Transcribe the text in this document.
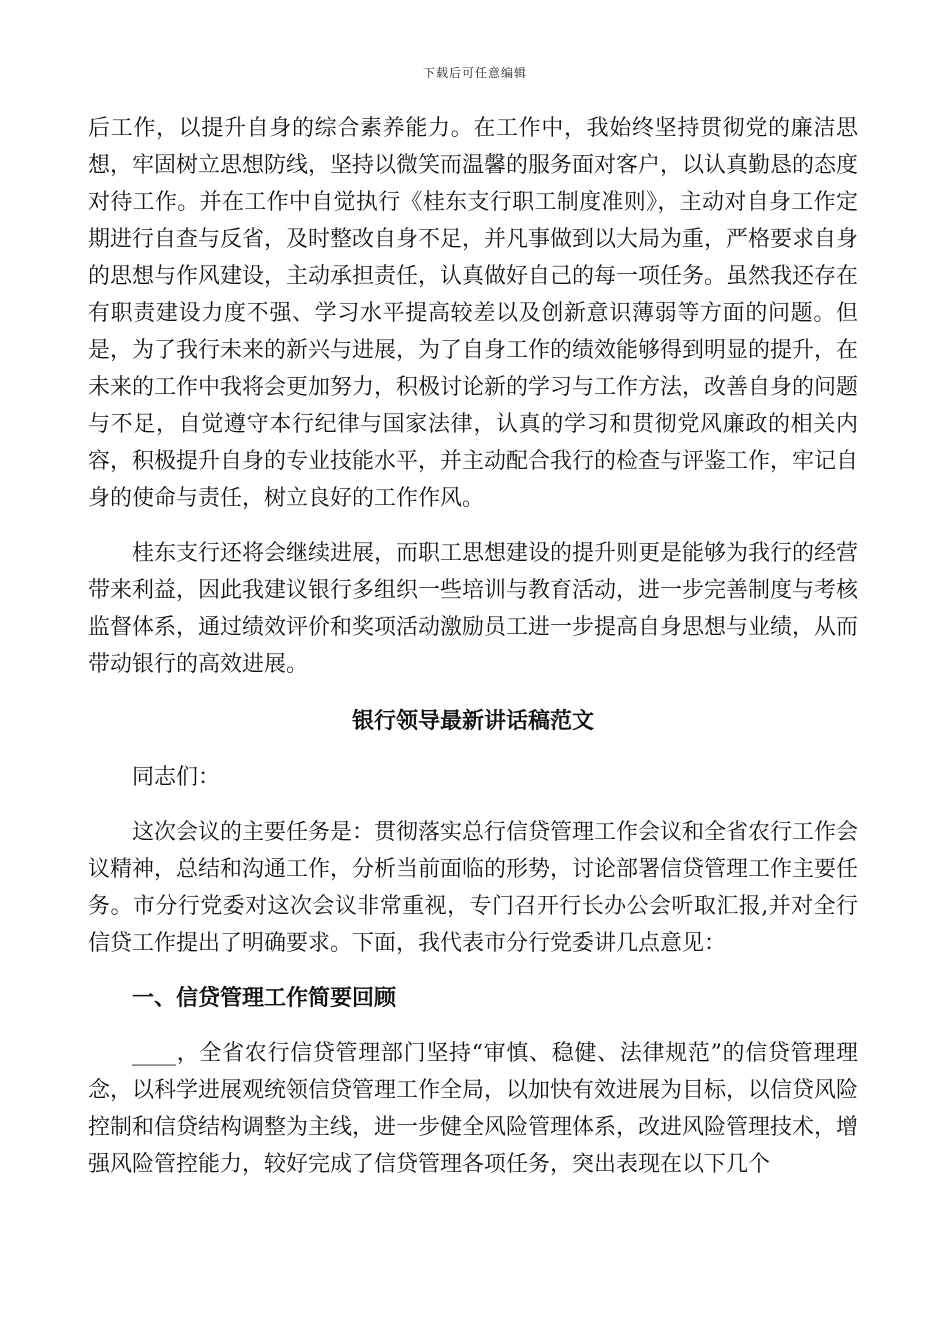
下载后可任意编辑

后工作，以提升自身的综合素养能力。在工作中，我始终坚持贯彻党的廉洁思想，牢固树立思想防线，坚持以微笑而温馨的服务面对客户，以认真勤恳的态度对待工作。并在工作中自觉执行《桂东支行职工制度准则》，主动对自身工作定期进行自查与反省，及时整改自身不足，并凡事做到以大局为重，严格要求自身的思想与作风建设，主动承担责任，认真做好自己的每一项任务。虽然我还存在有职责建设力度不强、学习水平提高较差以及创新意识薄弱等方面的问题。但是，为了我行未来的新兴与进展，为了自身工作的绩效能够得到明显的提升，在未来的工作中我将会更加努力，积极讨论新的学习与工作方法，改善自身的问题与不足，自觉遵守本行纪律与国家法律，认真的学习和贯彻党风廉政的相关内容，积极提升自身的专业技能水平，并主动配合我行的检查与评鉴工作，牢记自身的使命与责任，树立良好的工作作风。

桂东支行还将会继续进展，而职工思想建设的提升则更是能够为我行的经营带来利益，因此我建议银行多组织一些培训与教育活动，进一步完善制度与考核监督体系，通过绩效评价和奖项活动激励员工进一步提高自身思想与业绩，从而带动银行的高效进展。

银行领导最新讲话稿范文

同志们：

这次会议的主要任务是：贯彻落实总行信贷管理工作会议和全省农行工作会议精神，总结和沟通工作，分析当前面临的形势，讨论部署信贷管理工作主要任务。市分行党委对这次会议非常重视，专门召开行长办公会听取汇报,并对全行信贷工作提出了明确要求。下面，我代表市分行党委讲几点意见：

一、信贷管理工作简要回顾

____，全省农行信贷管理部门坚持“审慎、稳健、法律规范”的信贷管理理念，以科学进展观统领信贷管理工作全局，以加快有效进展为目标，以信贷风险控制和信贷结构调整为主线，进一步健全风险管理体系，改进风险管理技术，增强风险管控能力，较好完成了信贷管理各项任务，突出表现在以下几个
